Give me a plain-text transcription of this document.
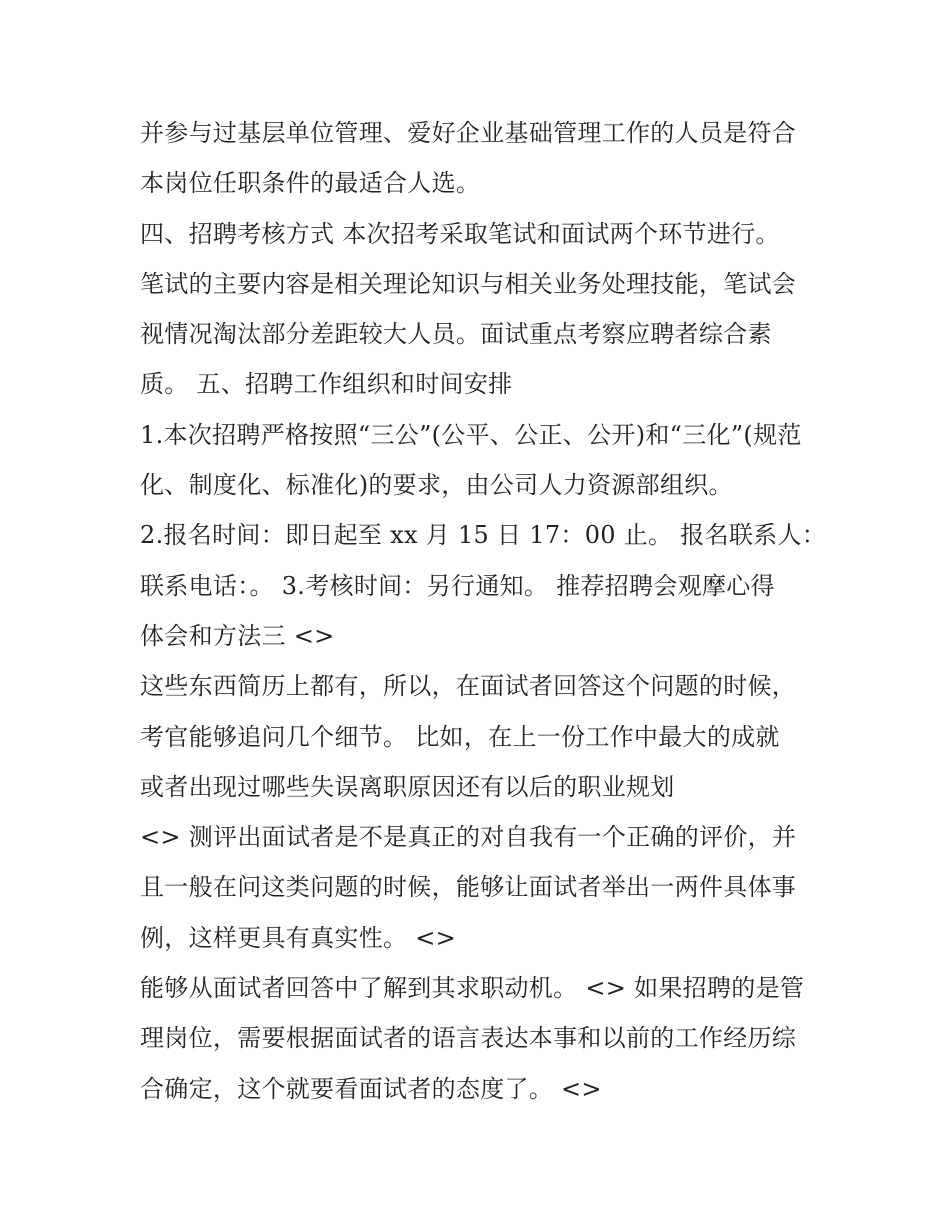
并参与过基层单位管理、爱好企业基础管理工作的人员是符合
本岗位任职条件的最适合人选。
四、招聘考核方式 本次招考采取笔试和面试两个环节进行。
笔试的主要内容是相关理论知识与相关业务处理技能，笔试会
视情况淘汰部分差距较大人员。面试重点考察应聘者综合素
质。 五、招聘工作组织和时间安排
1.本次招聘严格按照“三公”(公平、公正、公开)和“三化”(规范
化、制度化、标准化)的要求，由公司人力资源部组织。
2.报名时间：即日起至 xx 月 15 日 17：00 止。 报名联系人：
联系电话：。 3.考核时间：另行通知。 推荐招聘会观摩心得
体会和方法三 <>
这些东西简历上都有，所以，在面试者回答这个问题的时候，
考官能够追问几个细节。 比如，在上一份工作中最大的成就
或者出现过哪些失误离职原因还有以后的职业规划
<> 测评出面试者是不是真正的对自我有一个正确的评价，并
且一般在问这类问题的时候，能够让面试者举出一两件具体事
例，这样更具有真实性。 <>
能够从面试者回答中了解到其求职动机。 <> 如果招聘的是管
理岗位，需要根据面试者的语言表达本事和以前的工作经历综
合确定，这个就要看面试者的态度了。 <>
